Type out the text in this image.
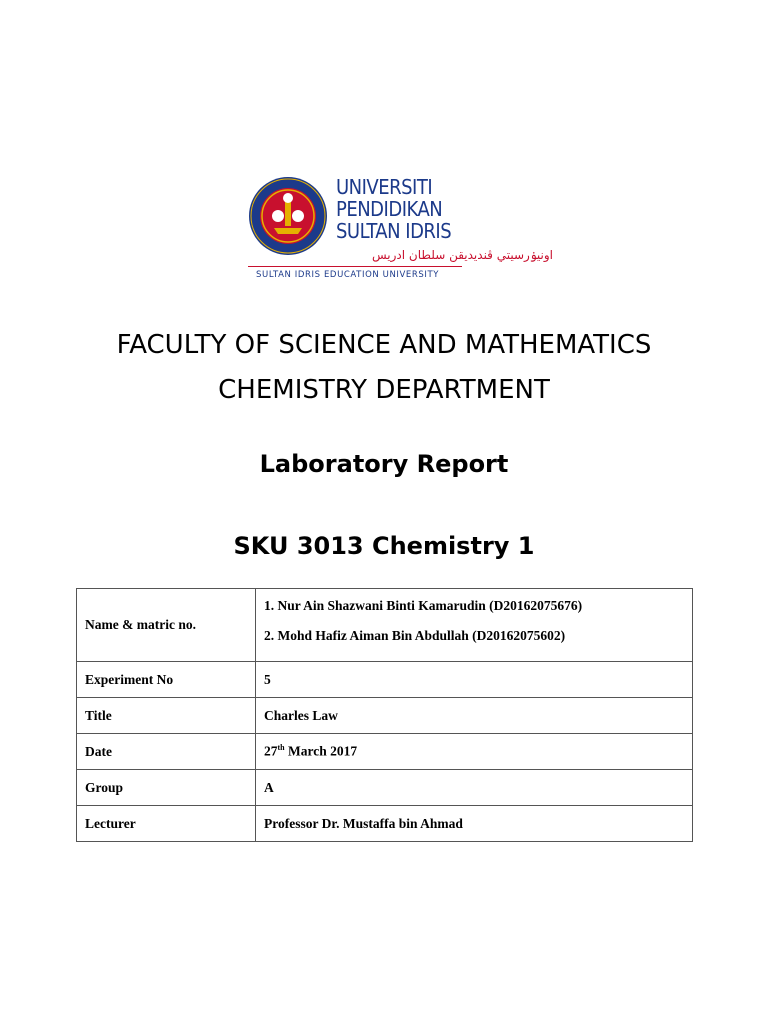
UNIVERSITI
PENDIDIKAN
SULTAN IDRIS
اونيۏرسيتي ڤنديديقن سلطان ادريس
SULTAN IDRIS EDUCATION UNIVERSITY
FACULTY OF SCIENCE AND MATHEMATICS
CHEMISTRY DEPARTMENT
Laboratory Report
SKU 3013 Chemistry 1
Name & matric no.	1. Nur Ain Shazwani Binti Kamarudin (D20162075676)
2. Mohd Hafiz Aiman Bin Abdullah (D20162075602)

Experiment No	5
Title	Charles Law
Date	27th March 2017
Group	A
Lecturer	Professor Dr. Mustaffa bin Ahmad
